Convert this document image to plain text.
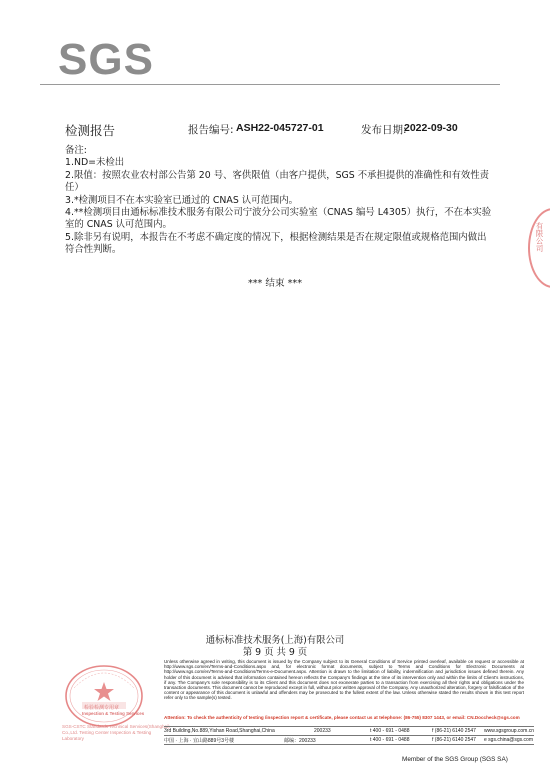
SGS
检测报告	报告编号: ASH22-045727-01	发布日期:
2022-09-30

备注:

1.ND=未检出

2.限值：按照农业农村部公告第 20 号、客供限值（由客户提供，SGS 不承担提供的准确性和有效性责任）

3.*检测项目不在本实验室已通过的 CNAS 认可范围内。

4.**检测项目由通标标准技术服务有限公司宁波分公司实验室（CNAS 编号 L4305）执行，不在本实验室的 CNAS 认可范围内。

5.除非另有说明，本报告在不考虑不确定度的情况下，根据检测结果是否在规定限值或规格范围内做出符合性判断。

*** 结束 ***
有限公司
通标标准技术服务(上海)有限公司
第 9 页 共 9 页
检验检测专用章
Inspection & Testing Services
SGS-CSTC Standards Technical Services(Shanghai) Co.,Ltd. Testing Center Inspection & Testing Laboratory
Unless otherwise agreed in writing, this document is issued by the Company subject to its General Conditions of Service printed overleaf, available on request or accessible at http://www.sgs.com/en/Terms-and-Conditions.aspx and, for electronic format documents, subject to Terms and Conditions for Electronic Documents at http://www.sgs.com/en/Terms-and-Conditions/Terms-e-Document.aspx. Attention is drawn to the limitation of liability, indemnification and jurisdiction issues defined therein. Any holder of this document is advised that information contained hereon reflects the Company's findings at the time of its intervention only and within the limits of Client's instructions, if any. The Company's sole responsibility is to its Client and this document does not exonerate parties to a transaction from exercising all their rights and obligations under the transaction documents. This document cannot be reproduced except in full, without prior written approval of the Company. Any unauthorized alteration, forgery or falsification of the content or appearance of this document is unlawful and offenders may be prosecuted to the fullest extent of the law. Unless otherwise stated the results shown in this test report refer only to the sample(s) tested.
Attention: To check the authenticity of testing /inspection report & certificate, please contact us at telephone: (86-755) 8307 1443, or email: CN.Doccheck@sgs.com
3rd Building,No.889,Yishan Road,Shanghai,China	200233	t 400 - 691 - 0488	f (86-21) 6140 2547 www.sgsgroup.com.cn
中国 · 上海 · 宜山路889号3号楼	邮编：200233	t 400 - 691 - 0488	f (86-21) 6140 2547 e sgs.china@sgs.com
Member of the SGS Group (SGS SA)
